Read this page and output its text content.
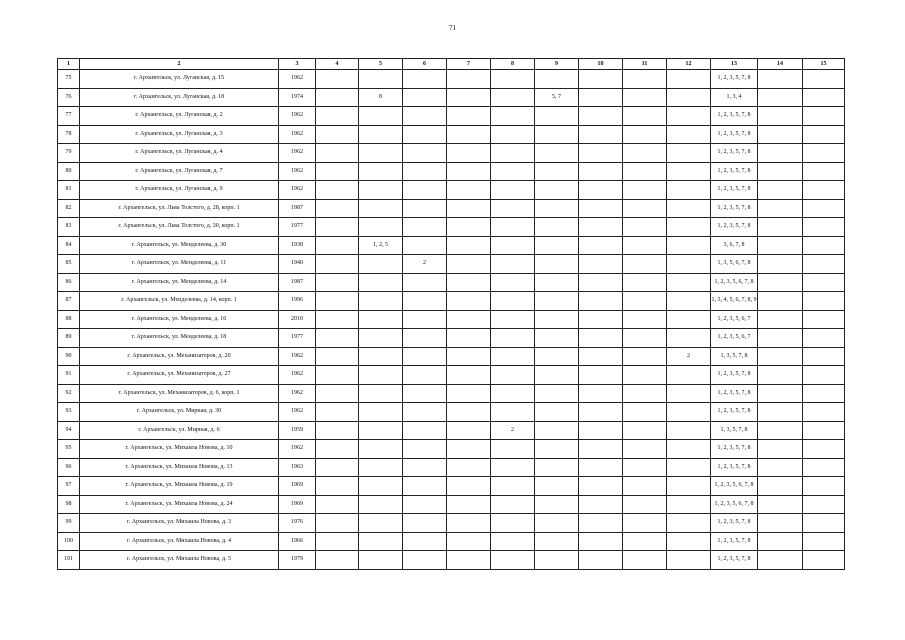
71
1	2	3	4	5	6	7	8	9	10	11	12	13	14	15
75	г. Архангельск, ул. Луганская, д. 15	1962										1, 2, 3, 5, 7, 8		
76	г. Архангельск, ул. Луганская, д. 18	1974		8				5, 7				1, 3, 4		
77	г. Архангельск, ул. Луганская, д. 2	1962										1, 2, 3, 5, 7, 8		
78	г. Архангельск, ул. Луганская, д. 3	1962										1, 2, 3, 5, 7, 8		
79	г. Архангельск, ул. Луганская, д. 4	1962										1, 2, 3, 5, 7, 8		
80	г. Архангельск, ул. Луганская, д. 7	1962										1, 2, 3, 5, 7, 8		
81	г. Архангельск, ул. Луганская, д. 9	1962										1, 2, 3, 5, 7, 8		
82	г. Архангельск, ул. Льва Толстого, д. 28, корп. 1	1987										1, 2, 3, 5, 7, 8		
83	г. Архангельск, ул. Льва Толстого, д. 30, корп. 1	1977										1, 2, 3, 5, 7, 8		
84	г. Архангельск, ул. Менделеева, д. 30	1938		1, 2, 5								3, 6, 7, 8		
85	г. Архангельск, ул. Менделеева, д. 11	1940			2							1, 3, 5, 6, 7, 8		
86	г. Архангельск, ул. Менделеева, д. 14	1987										1, 2, 3, 5, 6, 7, 8		
87	г. Архангельск, ул. Менделеева, д. 14, корп. 1	1996										1, 3, 4, 5, 6, 7, 8, 9		
88	г. Архангельск, ул. Менделеева, д. 16	2010										1, 2, 3, 5, 6, 7		
89	г. Архангельск, ул. Менделеева, д. 18	1977										1, 2, 3, 5, 6, 7		
90	г. Архангельск, ул. Механизаторов, д. 20	1962									2	1, 3, 5, 7, 8		
91	г. Архангельск, ул. Механизаторов, д. 27	1962										1, 2, 3, 5, 7, 8		
92	г. Архангельск, ул. Механизаторов, д. 6, корп. 1	1962										1, 2, 3, 5, 7, 8		
93	г. Архангельск, ул. Мирная, д. 30	1962										1, 2, 3, 5, 7, 8		
94	г. Архангельск, ул. Мирная, д. 6	1959					2					1, 3, 5, 7, 8		
95	г. Архангельск, ул. Михаила Новова, д. 10	1962										1, 2, 3, 5, 7, 8		
96	г. Архангельск, ул. Михаила Новова, д. 13	1963										1, 2, 3, 5, 7, 8		
97	г. Архангельск, ул. Михаила Новова, д. 19	1969										1, 2, 3, 5, 6, 7, 8		
98	г. Архангельск, ул. Михаила Новова, д. 24	1969										1, 2, 3, 5, 6, 7, 8		
99	г. Архангельск, ул. Михаила Новова, д. 3	1976										1, 2, 3, 5, 7, 8		
100	г. Архангельск, ул. Михаила Новова, д. 4	1966										1, 2, 3, 5, 7, 8		
101	г. Архангельск, ул. Михаила Новова, д. 5	1979										1, 2, 3, 5, 7, 8		
